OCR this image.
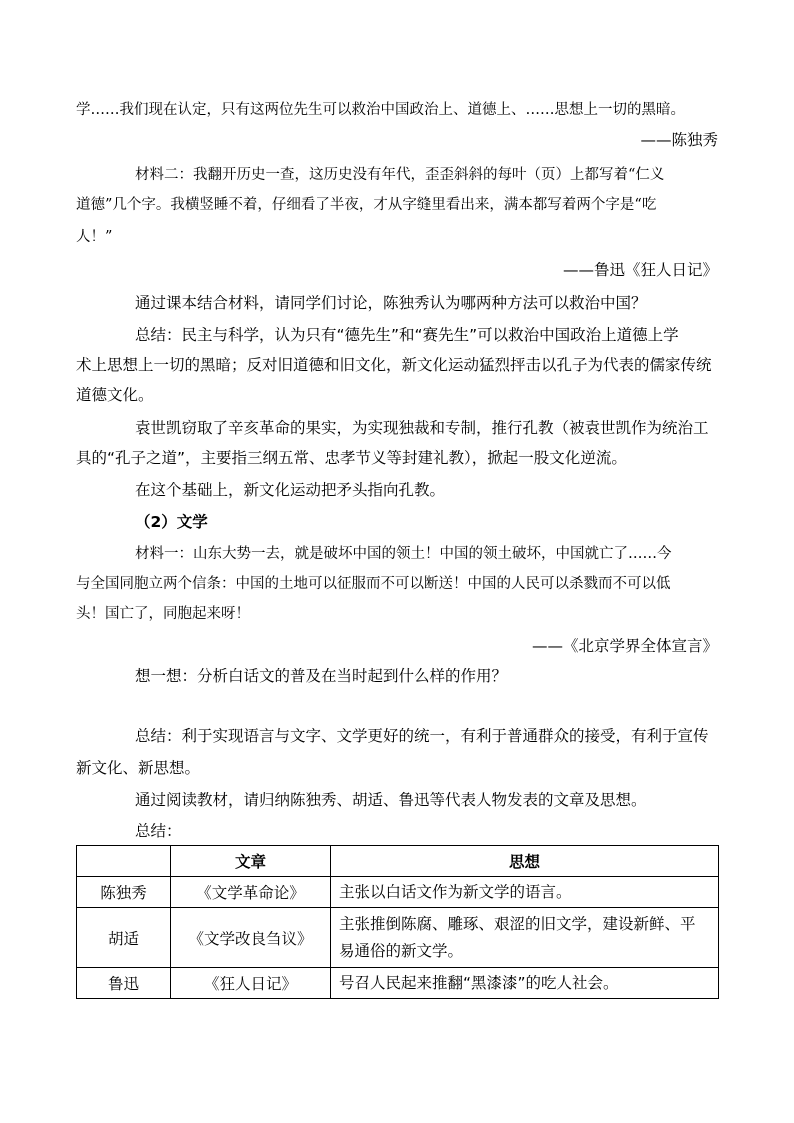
学……我们现在认定，只有这两位先生可以救治中国政治上、道德上、……思想上一切的黑暗。
——陈独秀
材料二：我翻开历史一查，这历史没有年代，歪歪斜斜的每叶（页）上都写着“仁义
道德”几个字。我横竖睡不着，仔细看了半夜，才从字缝里看出来，满本都写着两个字是“吃
人！”
——鲁迅《狂人日记》
通过课本结合材料，请同学们讨论，陈独秀认为哪两种方法可以救治中国？
总结：民主与科学，认为只有“德先生”和“赛先生”可以救治中国政治上道德上学
术上思想上一切的黑暗；反对旧道德和旧文化，新文化运动猛烈抨击以孔子为代表的儒家传统
道德文化。
袁世凯窃取了辛亥革命的果实，为实现独裁和专制，推行孔教（被袁世凯作为统治工
具的“孔子之道”，主要指三纲五常、忠孝节义等封建礼教），掀起一股文化逆流。
在这个基础上，新文化运动把矛头指向孔教。
（2）文学
材料一：山东大势一去，就是破坏中国的领土！中国的领土破坏，中国就亡了……今
与全国同胞立两个信条：中国的土地可以征服而不可以断送！中国的人民可以杀戮而不可以低
头！国亡了，同胞起来呀！
——《北京学界全体宣言》
想一想：分析白话文的普及在当时起到什么样的作用？
总结：利于实现语言与文字、文学更好的统一，有利于普通群众的接受，有利于宣传
新文化、新思想。
通过阅读教材，请归纳陈独秀、胡适、鲁迅等代表人物发表的文章及思想。
总结：
	文章	思想
陈独秀	《文学革命论》	主张以白话文作为新文学的语言。
胡适	《文学改良刍议》	主张推倒陈腐、雕琢、艰涩的旧文学，建设新鲜、平
易通俗的新文学。

鲁迅	《狂人日记》	号召人民起来推翻“黑漆漆”的吃人社会。
